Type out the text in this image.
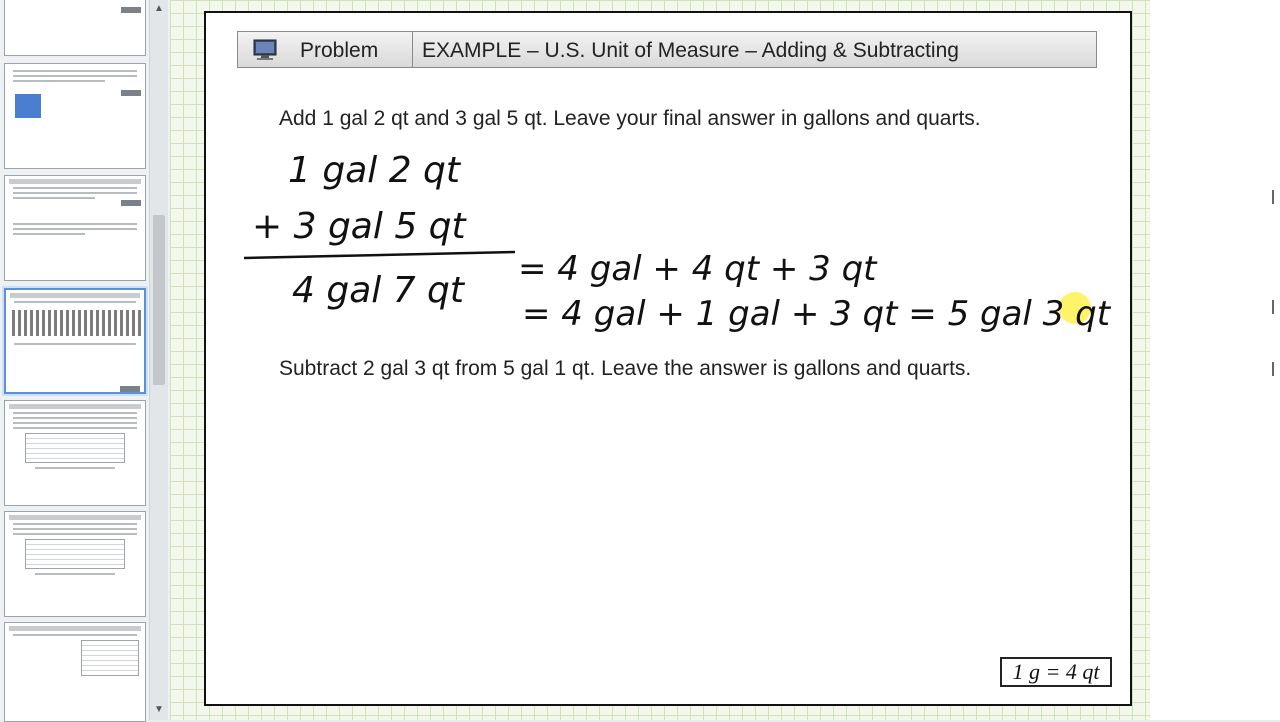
▲
▼
Problem EXAMPLE – U.S. Unit of Measure – Adding & Subtracting
Add 1 gal 2 qt and 3 gal 5 qt. Leave your final answer in gallons and quarts.
Subtract 2 gal 3 qt from 5 gal 1 qt. Leave the answer is gallons and quarts.
1 gal 2 qt
+ 3 gal 5 qt
4 gal 7 qt
= 4 gal + 4 qt + 3 qt
= 4 gal + 1 gal + 3 qt = 5 gal 3 qt
1 g = 4 qt
